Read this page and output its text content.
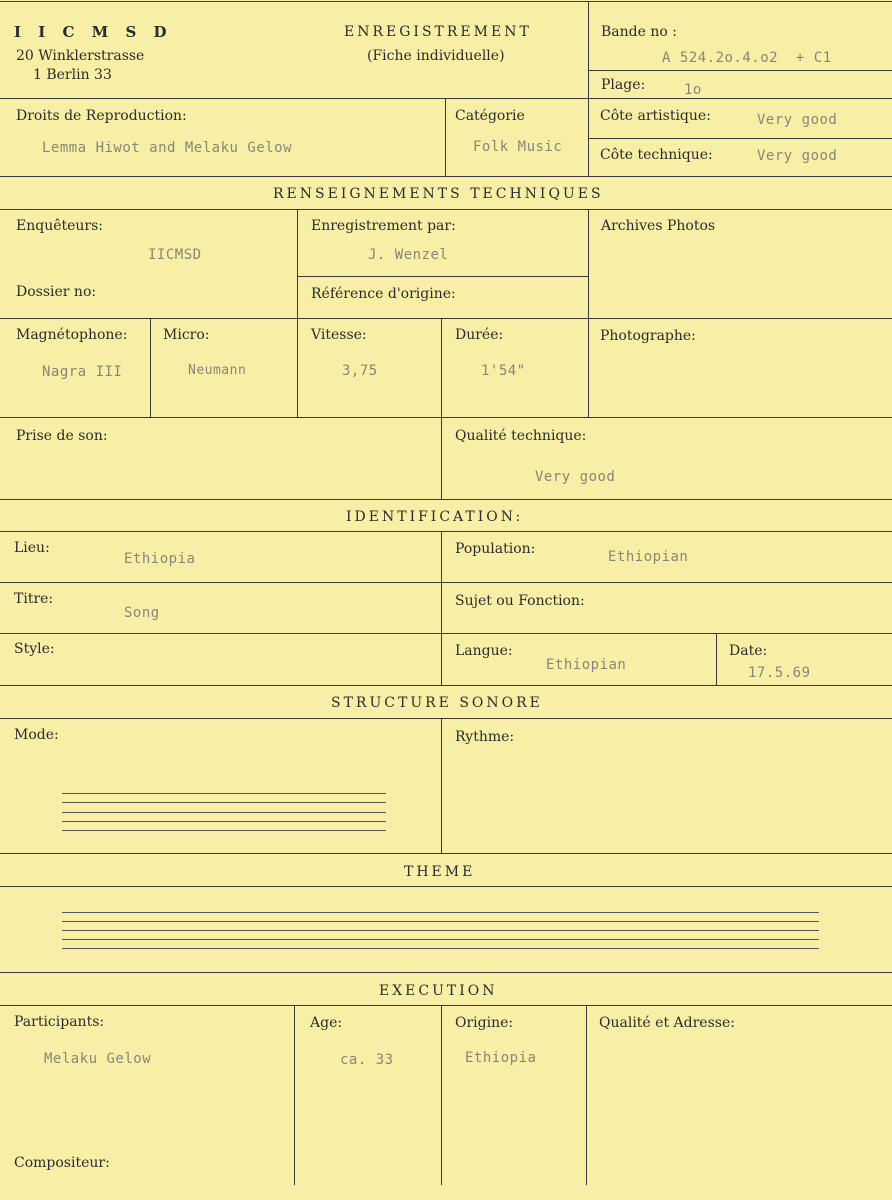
I I C M S D
20 Winklerstrasse
1 Berlin 33
ENREGISTREMENT
(Fiche individuelle)
Bande no :
A 524.2o.4.o2  + C1
Plage:	1o
Droits de Reproduction:
Lemma Hiwot and Melaku Gelow
Catégorie
Folk Music
Côte artistique:	Very good
Côte technique:	Very good
RENSEIGNEMENTS TECHNIQUES
Enquêteurs:
IICMSD
Enregistrement par:
J. Wenzel
Archives Photos
Dossier no:	Référence d'origine:
Magnétophone:
Nagra III
Micro:
Neumann
Vitesse:
3,75
Durée:
1'54"
Photographe:
Prise de son:	Qualité technique:
Very good
IDENTIFICATION:
Lieu:
Ethiopia
Population:	Ethiopian
Titre:
Song
Sujet ou Fonction:
Style:	Langue:
Ethiopian
Date:
17.5.69
STRUCTURE SONORE
Mode:	Rythme:
THEME
EXECUTION
Participants:
Melaku Gelow
Age:
ca. 33
Origine:
Ethiopia
Qualité et Adresse:
Compositeur:
